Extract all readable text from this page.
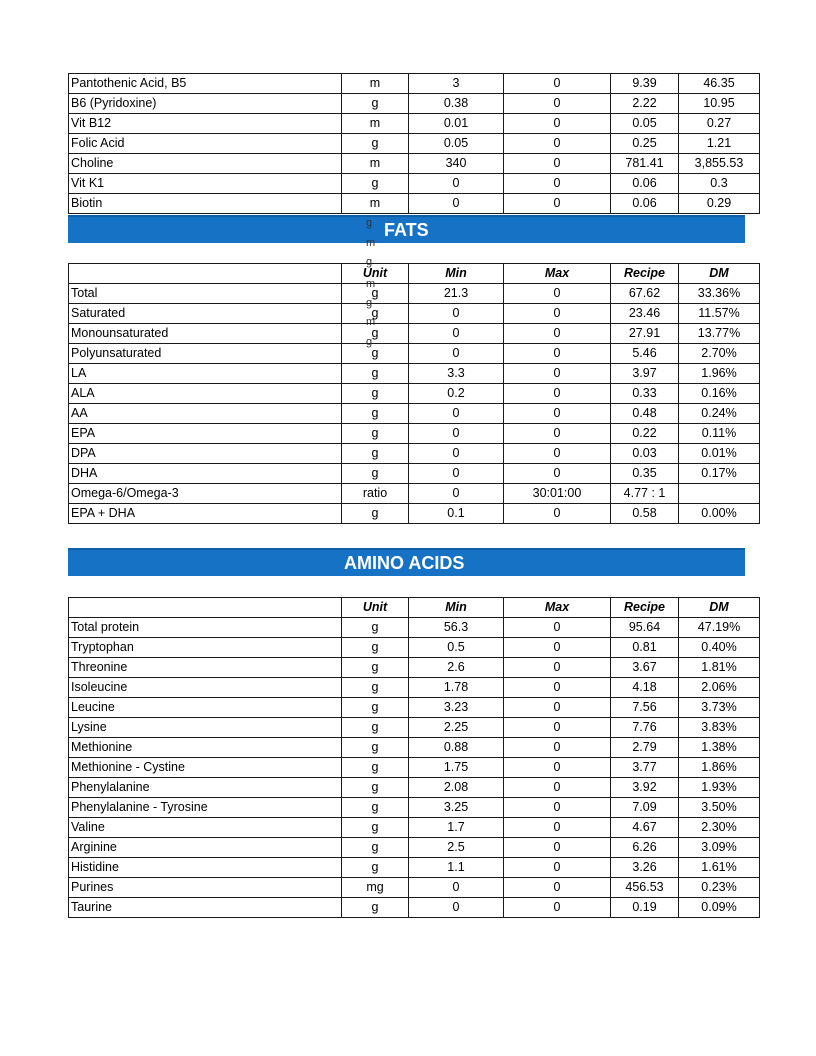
Pantothenic Acid, B5	m	3	0	9.39	46.35
B6 (Pyridoxine)	g	0.38	0	2.22	10.95
Vit B12	m	0.01	0	0.05	0.27
Folic Acid	g	0.05	0	0.25	1.21
Choline	m	340	0	781.41	3,855.53
Vit K1	g	0	0	0.06	0.3
Biotin	m	0	0	0.06	0.29
FATS
g
m
g
m
g
m
g
	Unit	Min	Max	Recipe	DM
Total	g	21.3	0	67.62	33.36%
Saturated	g	0	0	23.46	11.57%
Monounsaturated	g	0	0	27.91	13.77%
Polyunsaturated	g	0	0	5.46	2.70%
LA	g	3.3	0	3.97	1.96%
ALA	g	0.2	0	0.33	0.16%
AA	g	0	0	0.48	0.24%
EPA	g	0	0	0.22	0.11%
DPA	g	0	0	0.03	0.01%
DHA	g	0	0	0.35	0.17%
Omega-6/Omega-3	ratio	0	30:01:00	4.77 : 1	
EPA + DHA	g	0.1	0	0.58	0.00%
AMINO ACIDS
	Unit	Min	Max	Recipe	DM
Total protein	g	56.3	0	95.64	47.19%
Tryptophan	g	0.5	0	0.81	0.40%
Threonine	g	2.6	0	3.67	1.81%
Isoleucine	g	1.78	0	4.18	2.06%
Leucine	g	3.23	0	7.56	3.73%
Lysine	g	2.25	0	7.76	3.83%
Methionine	g	0.88	0	2.79	1.38%
Methionine - Cystine	g	1.75	0	3.77	1.86%
Phenylalanine	g	2.08	0	3.92	1.93%
Phenylalanine - Tyrosine	g	3.25	0	7.09	3.50%
Valine	g	1.7	0	4.67	2.30%
Arginine	g	2.5	0	6.26	3.09%
Histidine	g	1.1	0	3.26	1.61%
Purines	mg	0	0	456.53	0.23%
Taurine	g	0	0	0.19	0.09%
